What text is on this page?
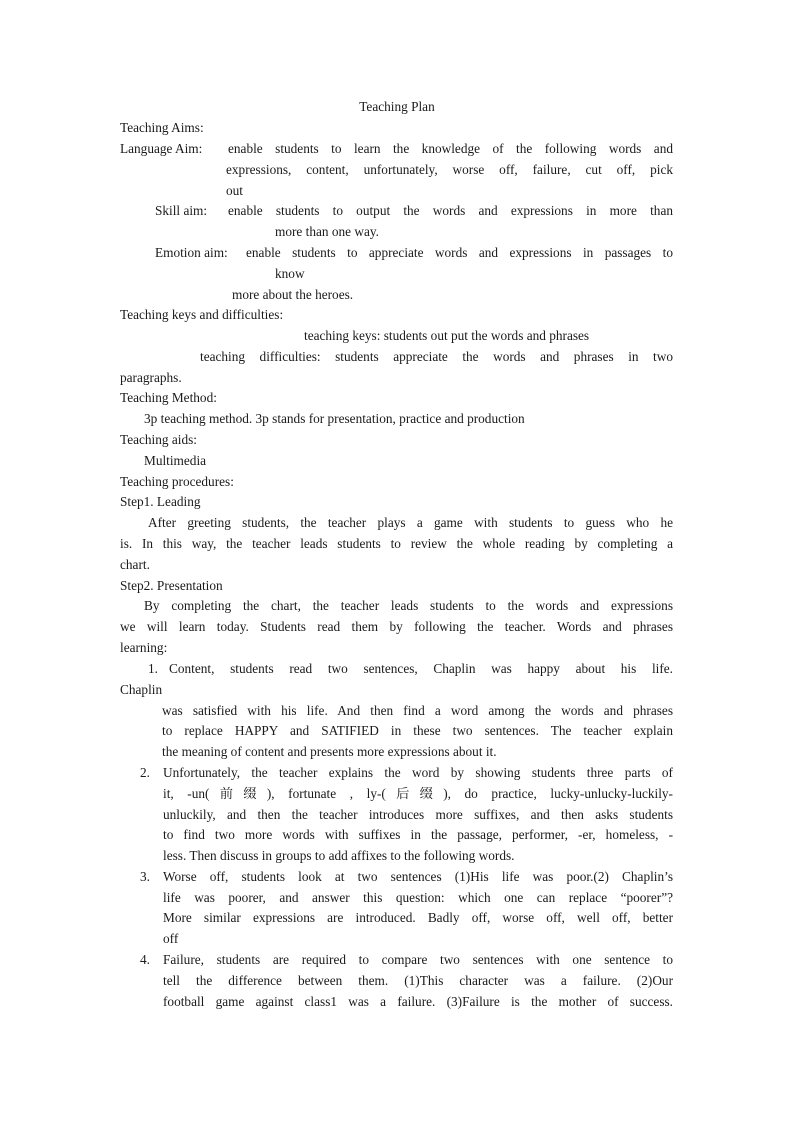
Teaching Plan
Teaching Aims:
Language Aim: enable students to learn the knowledge of the following words and
expressions, content, unfortunately, worse off, failure, cut off, pick
out
Skill aim: enable students to output the words and expressions in more than
more than one way.
Emotion aim: enable students to appreciate words and expressions in passages to
know
more about the heroes.
Teaching keys and difficulties:
teaching keys: students out put the words and phrases
teaching difficulties: students appreciate the words and phrases in two
paragraphs.
Teaching Method:
3p teaching method. 3p stands for presentation, practice and production
Teaching aids:
Multimedia
Teaching procedures:
Step1. Leading
After greeting students, the teacher plays a game with students to guess who he
is. In this way, the teacher leads students to review the whole reading by completing a
chart.
Step2. Presentation
By completing the chart, the teacher leads students to the words and expressions
we will learn today. Students read them by following the teacher. Words and phrases
learning:
1. Content, students read two sentences, Chaplin was happy about his life.
Chaplin
was satisfied with his life. And then find a word among the words and phrases
to replace HAPPY and SATIFIED in these two sentences. The teacher explain
the meaning of content and presents more expressions about it.
2. Unfortunately, the teacher explains the word by showing students three parts of
it, -un(前缀), fortunate , ly-(后缀), do practice, lucky-unlucky-luckily-
unluckily, and then the teacher introduces more suffixes, and then asks students
to find two more words with suffixes in the passage, performer, -er, homeless, -
less. Then discuss in groups to add affixes to the following words.
3. Worse off, students look at two sentences (1)His life was poor.(2) Chaplin’s
life was poorer, and answer this question: which one can replace “poorer”?
More similar expressions are introduced. Badly off, worse off, well off, better
off
4. Failure, students are required to compare two sentences with one sentence to
tell the difference between them. (1)This character was a failure. (2)Our
football game against class1 was a failure. (3)Failure is the mother of success.
